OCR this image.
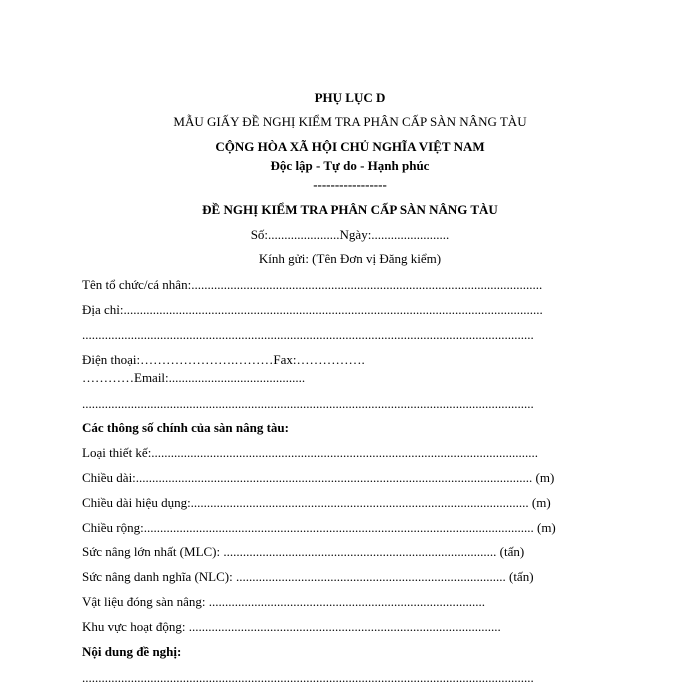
PHỤ LỤC D
MẪU GIẤY ĐỀ NGHỊ KIỂM TRA PHÂN CẤP SÀN NÂNG TÀU
CỘNG HÒA XÃ HỘI CHỦ NGHĨA VIỆT NAM
Độc lập - Tự do - Hạnh phúc
-----------------
ĐỀ NGHỊ KIỂM TRA PHÂN CẤP SÀN NÂNG TÀU
Số:......................Ngày:........................
Kính gửi: (Tên Đơn vị Đăng kiểm)
Tên tổ chức/cá nhân:............................................................................................................
Địa chỉ:.................................................................................................................................
...........................................................................................................................................
Điện thoại:………………….………Fax:…………….
…………Email:..........................................
...........................................................................................................................................
Các thông số chính của sàn nâng tàu:
Loại thiết kế:.......................................................................................................................
Chiều dài:.......................................................................................................................... (m)
Chiều dài hiệu dụng:........................................................................................................ (m)
Chiều rộng:........................................................................................................................ (m)
Sức nâng lớn nhất (MLC): .................................................................................... (tấn)
Sức nâng danh nghĩa (NLC): ................................................................................... (tấn)
Vật liệu đóng sàn nâng: .....................................................................................
Khu vực hoạt động: ................................................................................................
Nội dung đề nghị:
...........................................................................................................................................
